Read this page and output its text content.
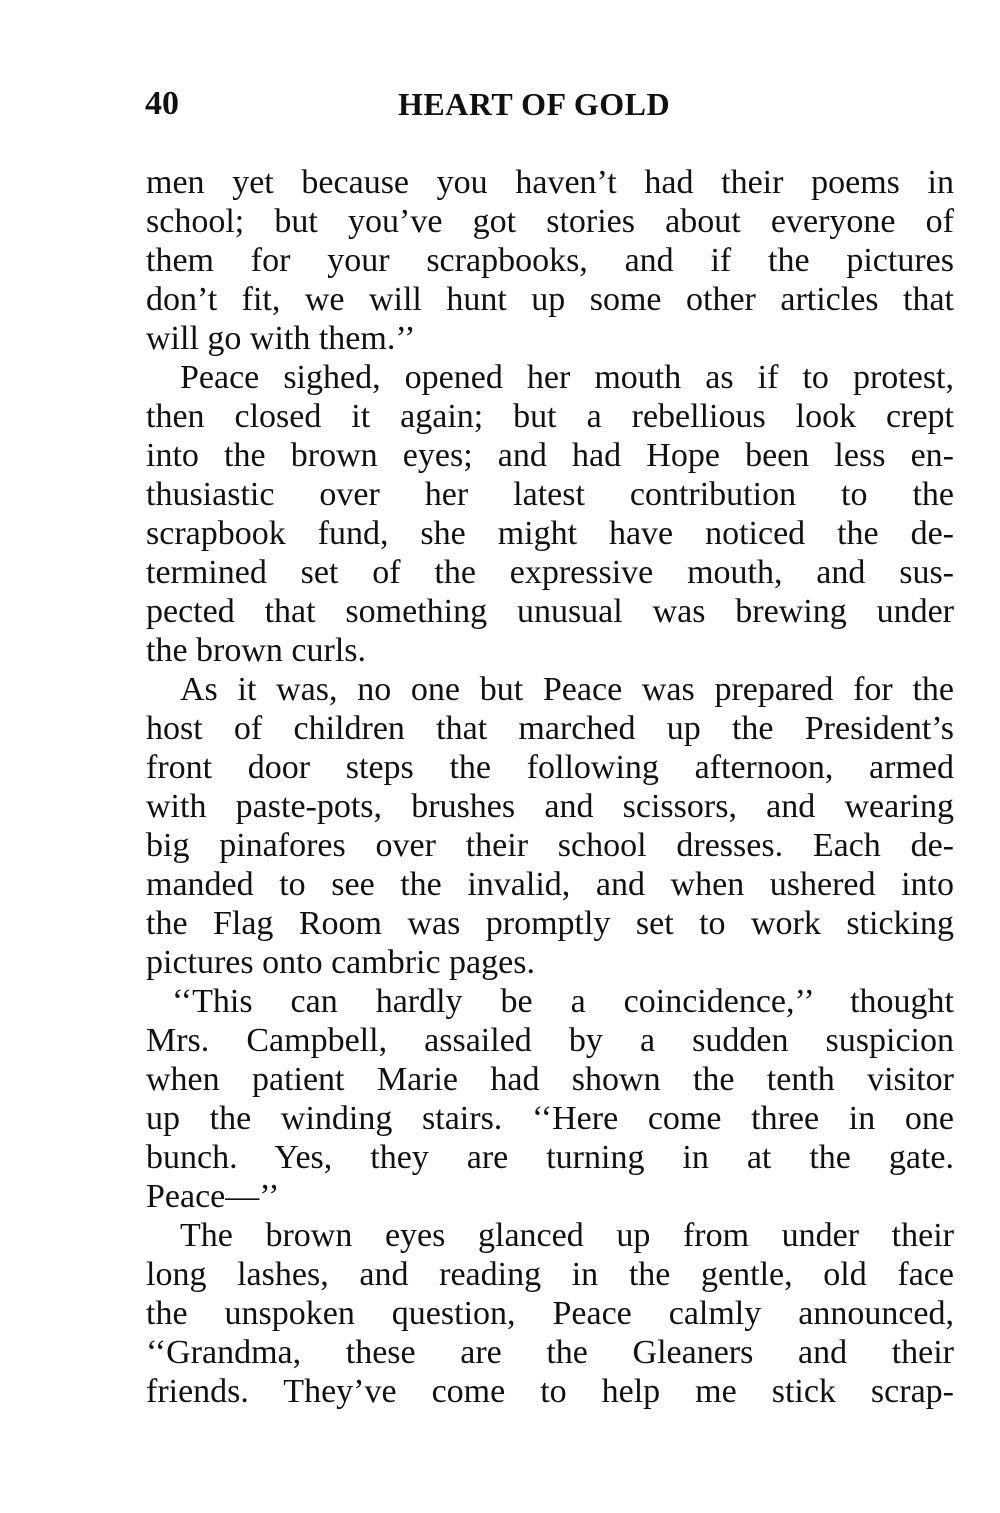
40	HEART OF GOLD
men yet because you haven’t had their poems in
school; but you’ve got stories about everyone of
them for your scrapbooks, and if the pictures
don’t fit, we will hunt up some other articles that
will go with them.’’
Peace sighed, opened her mouth as if to protest,
then closed it again; but a rebellious look crept
into the brown eyes; and had Hope been less en-
thusiastic over her latest contribution to the
scrapbook fund, she might have noticed the de-
termined set of the expressive mouth, and sus-
pected that something unusual was brewing under
the brown curls.
As it was, no one but Peace was prepared for the
host of children that marched up the President’s
front door steps the following afternoon, armed
with paste-pots, brushes and scissors, and wearing
big pinafores over their school dresses. Each de-
manded to see the invalid, and when ushered into
the Flag Room was promptly set to work sticking
pictures onto cambric pages.
‘‘This can hardly be a coincidence,’’ thought
Mrs. Campbell, assailed by a sudden suspicion
when patient Marie had shown the tenth visitor
up the winding stairs. ‘‘Here come three in one
bunch. Yes, they are turning in at the gate.
Peace—’’
The brown eyes glanced up from under their
long lashes, and reading in the gentle, old face
the unspoken question, Peace calmly announced,
‘‘Grandma, these are the Gleaners and their
friends. They’ve come to help me stick scrap-
